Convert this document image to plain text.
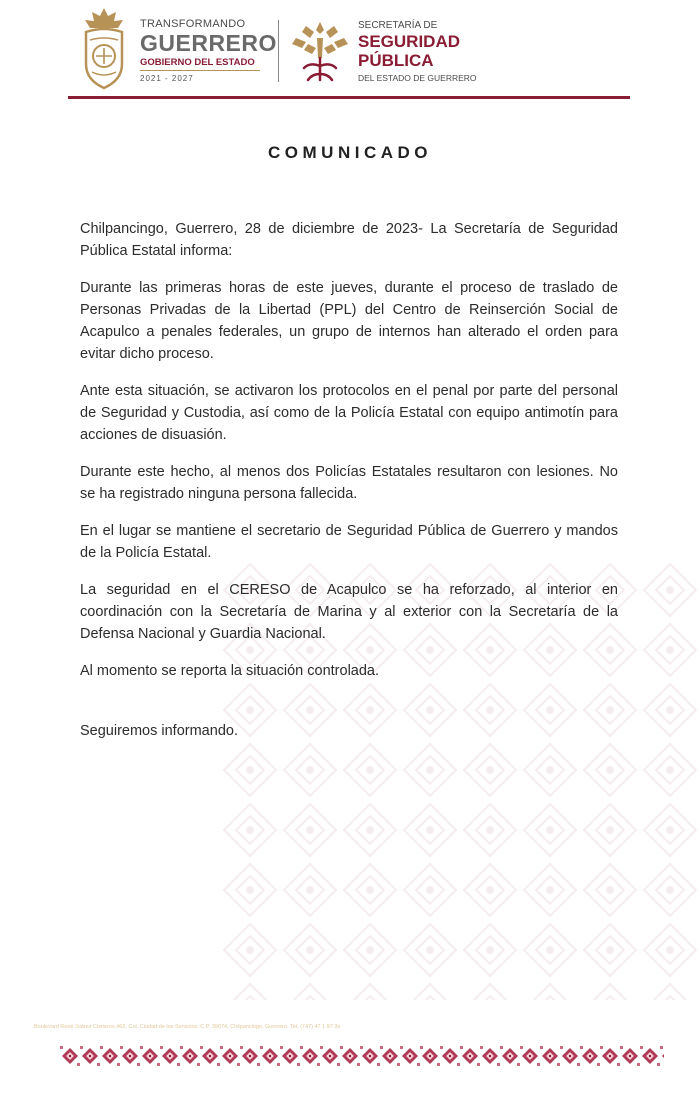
TRANSFORMANDO
GUERRERO
GOBIERNO DEL ESTADO
2021 - 2027
SECRETARÍA DE
SEGURIDAD
PÚBLICA
DEL ESTADO DE GUERRERO
COMUNICADO

Chilpancingo, Guerrero, 28 de diciembre de 2023- La Secretaría de Seguridad Pública Estatal informa:

Durante las primeras horas de este jueves, durante el proceso de traslado de Personas Privadas de la Libertad (PPL) del Centro de Reinserción Social de Acapulco a penales federales, un grupo de internos han alterado el orden para evitar dicho proceso.

Ante esta situación, se activaron los protocolos en el penal por parte del personal de Seguridad y Custodia, así como de la Policía Estatal con equipo antimotín para acciones de disuasión.

Durante este hecho, al menos dos Policías Estatales resultaron con lesiones. No se ha registrado ninguna persona fallecida.

En el lugar se mantiene el secretario de Seguridad Pública de Guerrero y mandos de la Policía Estatal.

La seguridad en el CERESO de Acapulco se ha reforzado, al interior en coordinación con la Secretaría de Marina y al exterior con la Secretaría de la Defensa Nacional y Guardia Nacional.

Al momento se reporta la situación controlada.

Seguiremos informando.

Boulevard René Juárez Cisneros #62, Col. Ciudad de los Servicios, C.P. 39074, Chilpancingo, Guerrero. Tel. (747) 47 1 97 3x
